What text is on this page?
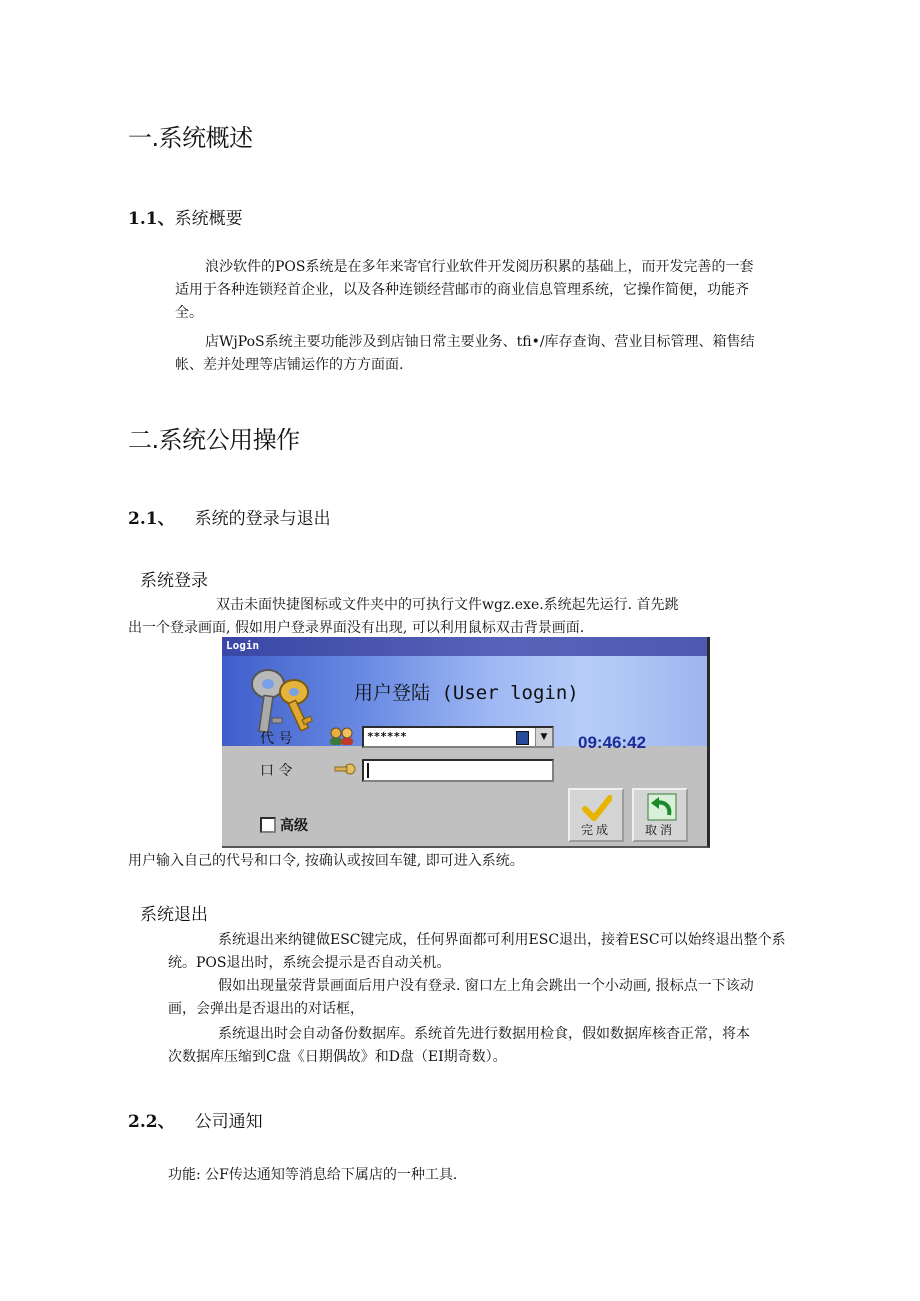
一.系统概述
1.1、系统概要
浪沙软件的POS系统是在多年来寄官行业软件开发阅历积累的基础上，而开发完善的一套
适用于各种连锁羟首企业，以及各种连锁经营邮市的商业信息管理系统，它操作简便，功能齐
全。
店WjPoS系统主要功能涉及到店铀日常主要业务、tfi•/库存查询、营业目标管理、箱售结
帐、差并处理等店铺运作的方方面面.
二.系统公用操作
2.1、 系统的登录与退出
系统登录
双击未面快捷图标或文件夹中的可执行文件wgz.exe.系统起先运行. 首先跳
出一个登录画面, 假如用户登录界面没有出现, 可以利用鼠标双击背景画面.
Login
用户登陆 (User login)
代 号	******	▼ 09:46:42
口 令
高级	完成	取消
用户输入自己的代号和口令, 按确认或按回车键, 即可进入系统。
系统退出
系统退出来纳键做ESC键完成，任何界面都可利用ESC退出，接着ESC可以始终退出整个系
统。POS退出时，系统会提示是否自动关机。
假如出现量荥背景画面后用户没有登录. 窗口左上角会跳出一个小动画, 报标点一下该动
画，会弹出是否退出的对话框，
系统退出时会自动备份数据库。系统首先进行数据用检食，假如数据库核杳正常，将本
次数据库压缩到C盘《日期偶故》和D盘（EI期奇数）。
2.2、 公司通知
功能: 公F传达通知等消息给下属店的一种工具.
